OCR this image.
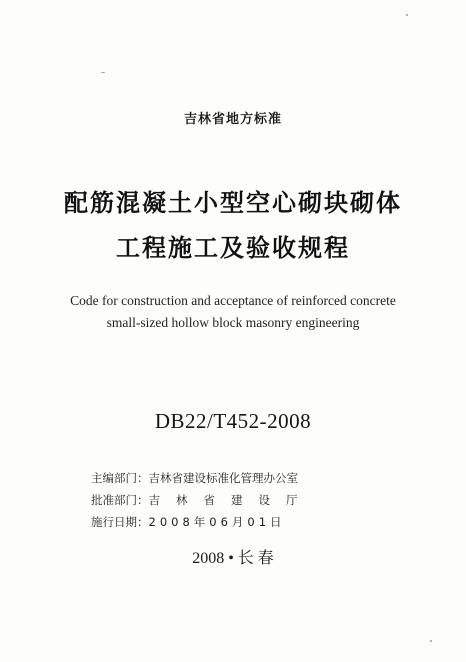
吉林省地方标准
配筋混凝土小型空心砌块砌体
工程施工及验收规程
Code for construction and acceptance of reinforced concrete
small-sized hollow block masonry engineering
DB22/T452-2008
主编部门：吉林省建设标准化管理办公室
批准部门：吉林省建设厅
施行日期：2008年06月01日
2008 • 长 春
